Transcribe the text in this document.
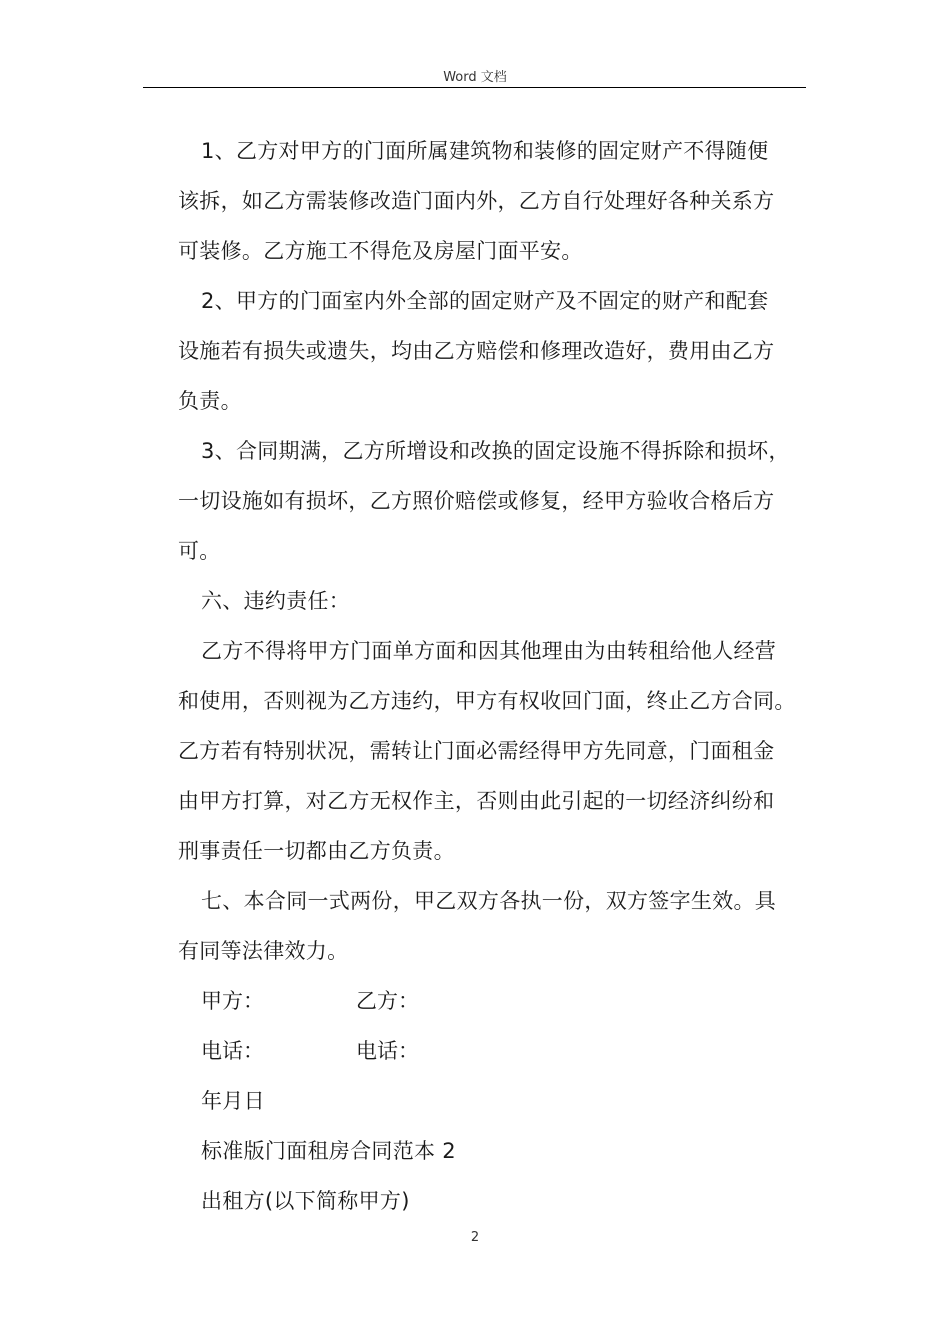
Word 文档
1、乙方对甲方的门面所属建筑物和装修的固定财产不得随便
该拆，如乙方需装修改造门面内外，乙方自行处理好各种关系方
可装修。乙方施工不得危及房屋门面平安。
2、甲方的门面室内外全部的固定财产及不固定的财产和配套
设施若有损失或遗失，均由乙方赔偿和修理改造好，费用由乙方
负责。
3、合同期满，乙方所增设和改换的固定设施不得拆除和损坏，
一切设施如有损坏，乙方照价赔偿或修复，经甲方验收合格后方
可。
六、违约责任：
乙方不得将甲方门面单方面和因其他理由为由转租给他人经营
和使用，否则视为乙方违约，甲方有权收回门面，终止乙方合同。
乙方若有特别状况，需转让门面必需经得甲方先同意，门面租金
由甲方打算，对乙方无权作主，否则由此引起的一切经济纠纷和
刑事责任一切都由乙方负责。
七、本合同一式两份，甲乙双方各执一份，双方签字生效。具
有同等法律效力。
甲方：	乙方：
电话：	电话：
年月日
标准版门面租房合同范本 2
出租方(以下简称甲方)
2
